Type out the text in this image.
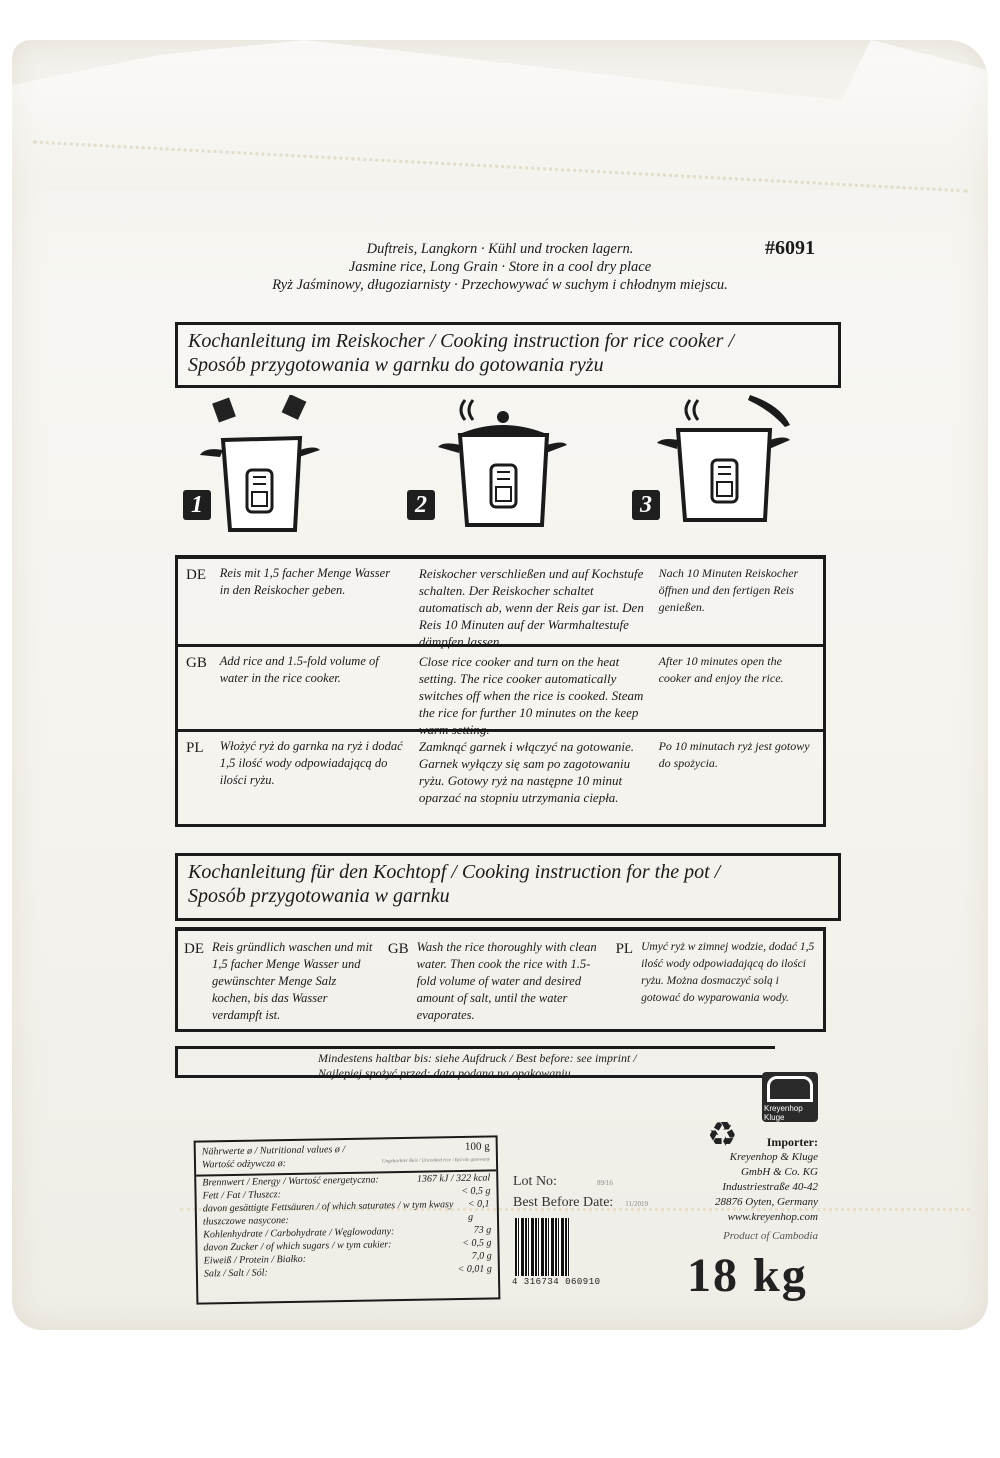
Duftreis, Langkorn · Kühl und trocken lagern.
Jasmine rice, Long Grain · Store in a cool dry place
Ryż Jaśminowy, długoziarnisty · Przechowywać w suchym i chłodnym miejscu.
#6091
Kochanleitung im Reiskocher / Cooking instruction for rice cooker /
Sposób przygotowania w garnku do gotowania ryżu
1	2	3
DE	Reis mit 1,5 facher Menge Wasser in den Reiskocher geben.
Reiskocher verschließen und auf Kochstufe schalten. Der Reiskocher schaltet automatisch ab, wenn der Reis gar ist. Den Reis 10 Minuten auf der Warmhaltestufe dämpfen lassen.
Nach 10 Minuten Reiskocher öffnen und den fertigen Reis genießen.
GB	Add rice and 1.5-fold volume of water in the rice cooker.
Close rice cooker and turn on the heat setting. The rice cooker automatically switches off when the rice is cooked. Steam the rice for further 10 minutes on the keep warm setting.
After 10 minutes open the cooker and enjoy the rice.
PL	Włożyć ryż do garnka na ryż i dodać 1,5 ilość wody odpowiadającą do ilości ryżu.
Zamknąć garnek i włączyć na gotowanie. Garnek wyłączy się sam po zagotowaniu ryżu. Gotowy ryż na następne 10 minut oparzać na stopniu utrzymania ciepła.
Po 10 minutach ryż jest gotowy do spożycia.
Kochanleitung für den Kochtopf / Cooking instruction for the pot /
Sposób przygotowania w garnku
DE Reis gründlich waschen und mit 1,5 facher Menge Wasser und gewünschter Menge Salz kochen, bis das Wasser verdampft ist.
GB Wash the rice thoroughly with clean water. Then cook the rice with 1.5-fold volume of water and desired amount of salt, until the water evaporates.
PL Umyć ryż w zimnej wodzie, dodać 1,5 ilość wody odpowiadającą do ilości ryżu. Można dosmaczyć solą i gotować do wyparowania wody.
Mindestens haltbar bis: siehe Aufdruck / Best before: see imprint /
Najlepiej spożyć przed: data podana na opakowaniu.
Kreyenhop Kluge
♻
Nährwerte ø / Nutritional values ø /
Wartość odżywcza ø:
100 g
Ungekochter Reis / Uncooked rice / Ryż nie gotowany
Brennwert / Energy / Wartość energetyczna:	1367 kJ / 322 kcal
Fett / Fat / Tłuszcz:	< 0,5 g
davon gesättigte Fettsäuren / of which saturates / w tym kwasy tłuszczowe nasycone:
< 0,1 g
Kohlenhydrate / Carbohydrate / Węglowodany:	73 g
davon Zucker / of which sugars / w tym cukier:	< 0,5 g
Eiweiß / Protein / Białko:	7,0 g
Salz / Salt / Sól:	< 0,01 g
Lot No:	89/16
Best Before Date: 11/2019
4 316734 060910
Importer:
Kreyenhop & Kluge
GmbH & Co. KG
Industriestraße 40-42
28876 Oyten, Germany
www.kreyenhop.com
Product of Cambodia
18 kg
